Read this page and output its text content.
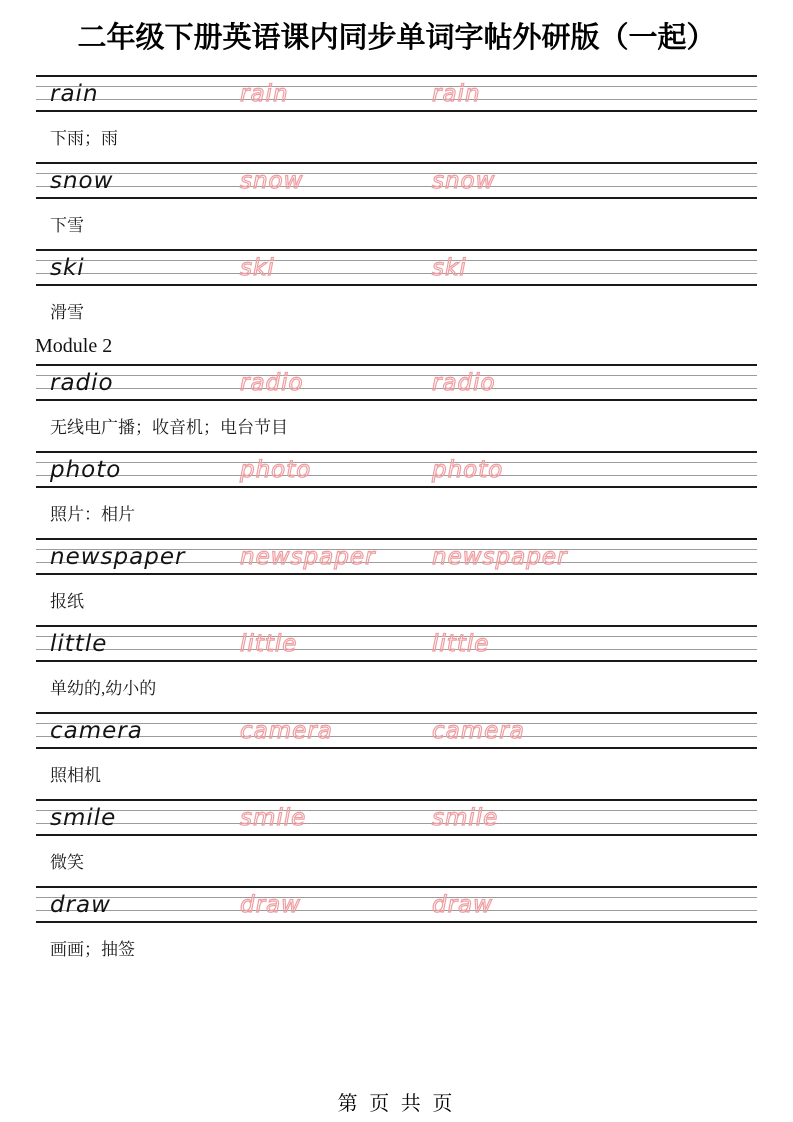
二年级下册英语课内同步单词字帖外研版（一起）
rain	rain	rain
下雨；雨
snow	snow	snow
下雪
ski	ski	ski
滑雪
Module 2
radio	radio	radio
无线电广播；收音机；电台节目
photo	photo	photo
照片：相片
newspaper newspaper newspaper
报纸
little	little	little
单幼的,幼小的
camera	camera	camera
照相机
smile	smile	smile
微笑
draw	draw	draw
画画；抽签
第 页 共 页
